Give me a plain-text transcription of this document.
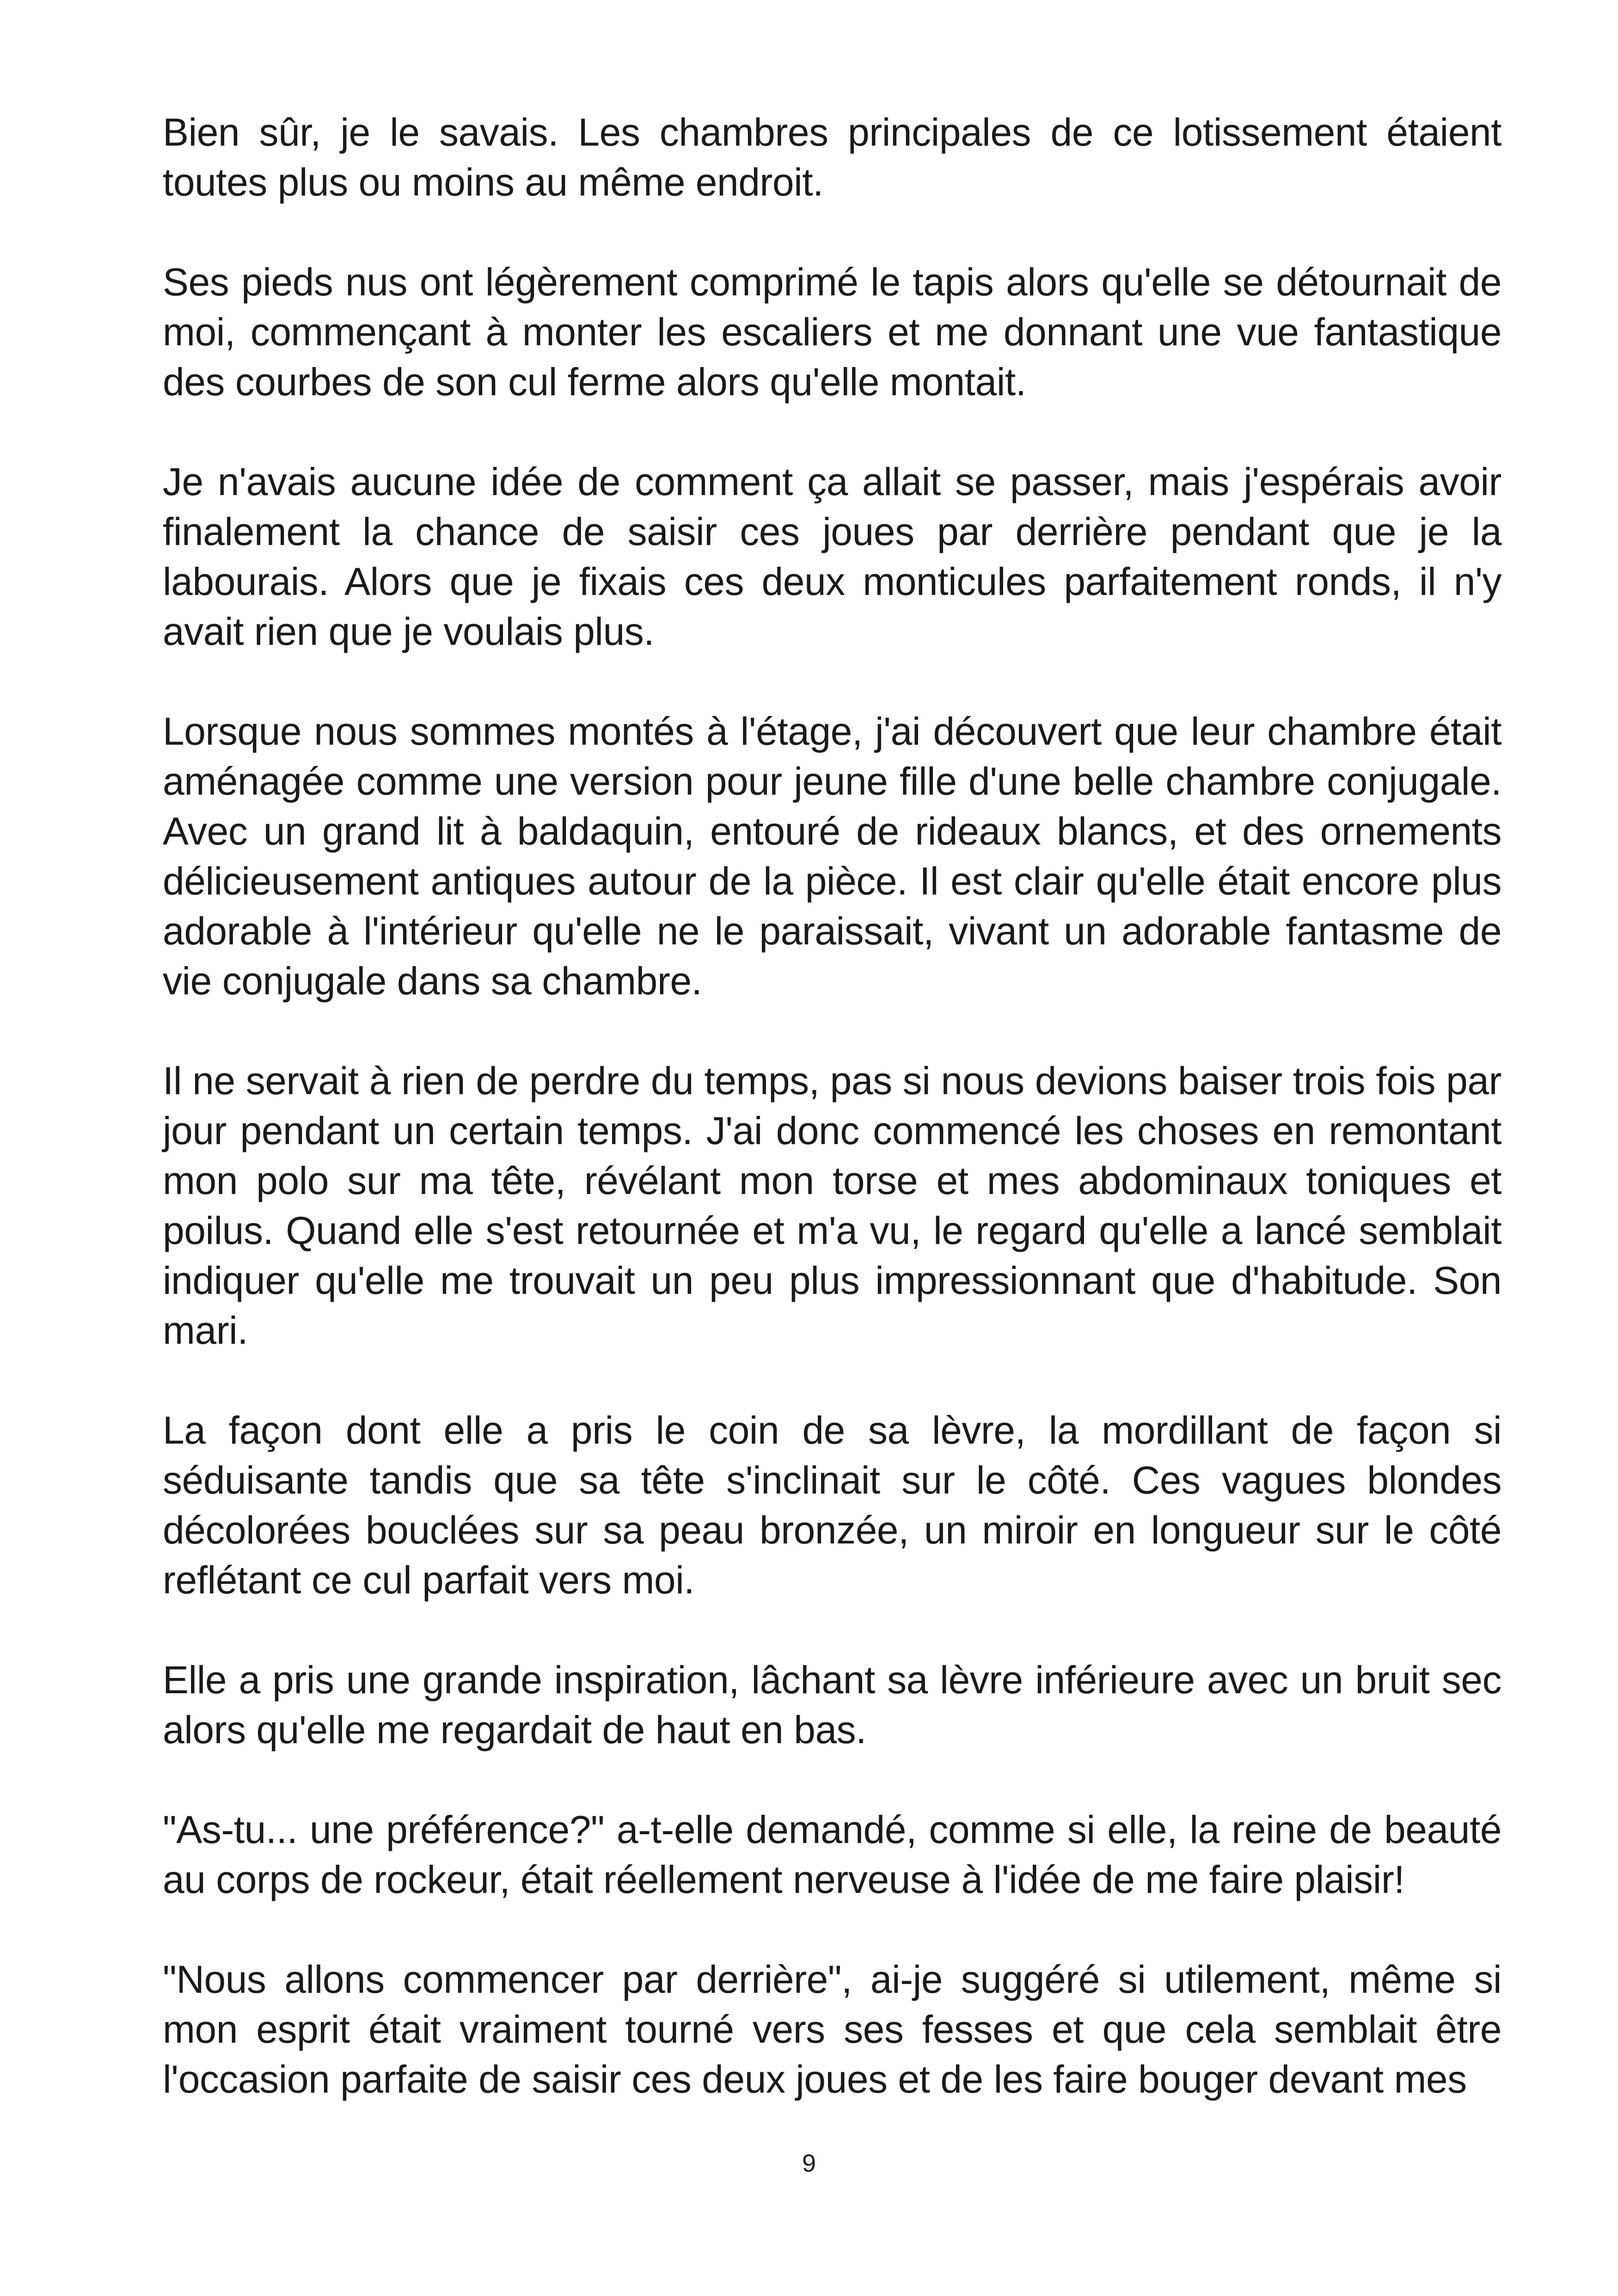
Bien sûr, je le savais. Les chambres principales de ce lotissement étaient toutes plus ou moins au même endroit.

Ses pieds nus ont légèrement comprimé le tapis alors qu'elle se détournait de moi, commençant à monter les escaliers et me donnant une vue fantastique des courbes de son cul ferme alors qu'elle montait.

Je n'avais aucune idée de comment ça allait se passer, mais j'espérais avoir finalement la chance de saisir ces joues par derrière pendant que je la labourais. Alors que je fixais ces deux monticules parfaitement ronds, il n'y avait rien que je voulais plus.

Lorsque nous sommes montés à l'étage, j'ai découvert que leur chambre était aménagée comme une version pour jeune fille d'une belle chambre conjugale. Avec un grand lit à baldaquin, entouré de rideaux blancs, et des ornements délicieusement antiques autour de la pièce. Il est clair qu'elle était encore plus adorable à l'intérieur qu'elle ne le paraissait, vivant un adorable fantasme de vie conjugale dans sa chambre.

Il ne servait à rien de perdre du temps, pas si nous devions baiser trois fois par jour pendant un certain temps. J'ai donc commencé les choses en remontant mon polo sur ma tête, révélant mon torse et mes abdominaux toniques et poilus. Quand elle s'est retournée et m'a vu, le regard qu'elle a lancé semblait indiquer qu'elle me trouvait un peu plus impressionnant que d'habitude. Son mari.

La façon dont elle a pris le coin de sa lèvre, la mordillant de façon si séduisante tandis que sa tête s'inclinait sur le côté. Ces vagues blondes décolorées bouclées sur sa peau bronzée, un miroir en longueur sur le côté reflétant ce cul parfait vers moi.

Elle a pris une grande inspiration, lâchant sa lèvre inférieure avec un bruit sec alors qu'elle me regardait de haut en bas.

"As-tu... une préférence?" a-t-elle demandé, comme si elle, la reine de beauté au corps de rockeur, était réellement nerveuse à l'idée de me faire plaisir!

"Nous allons commencer par derrière", ai-je suggéré si utilement, même si mon esprit était vraiment tourné vers ses fesses et que cela semblait être l'occasion parfaite de saisir ces deux joues et de les faire bouger devant mes

9
